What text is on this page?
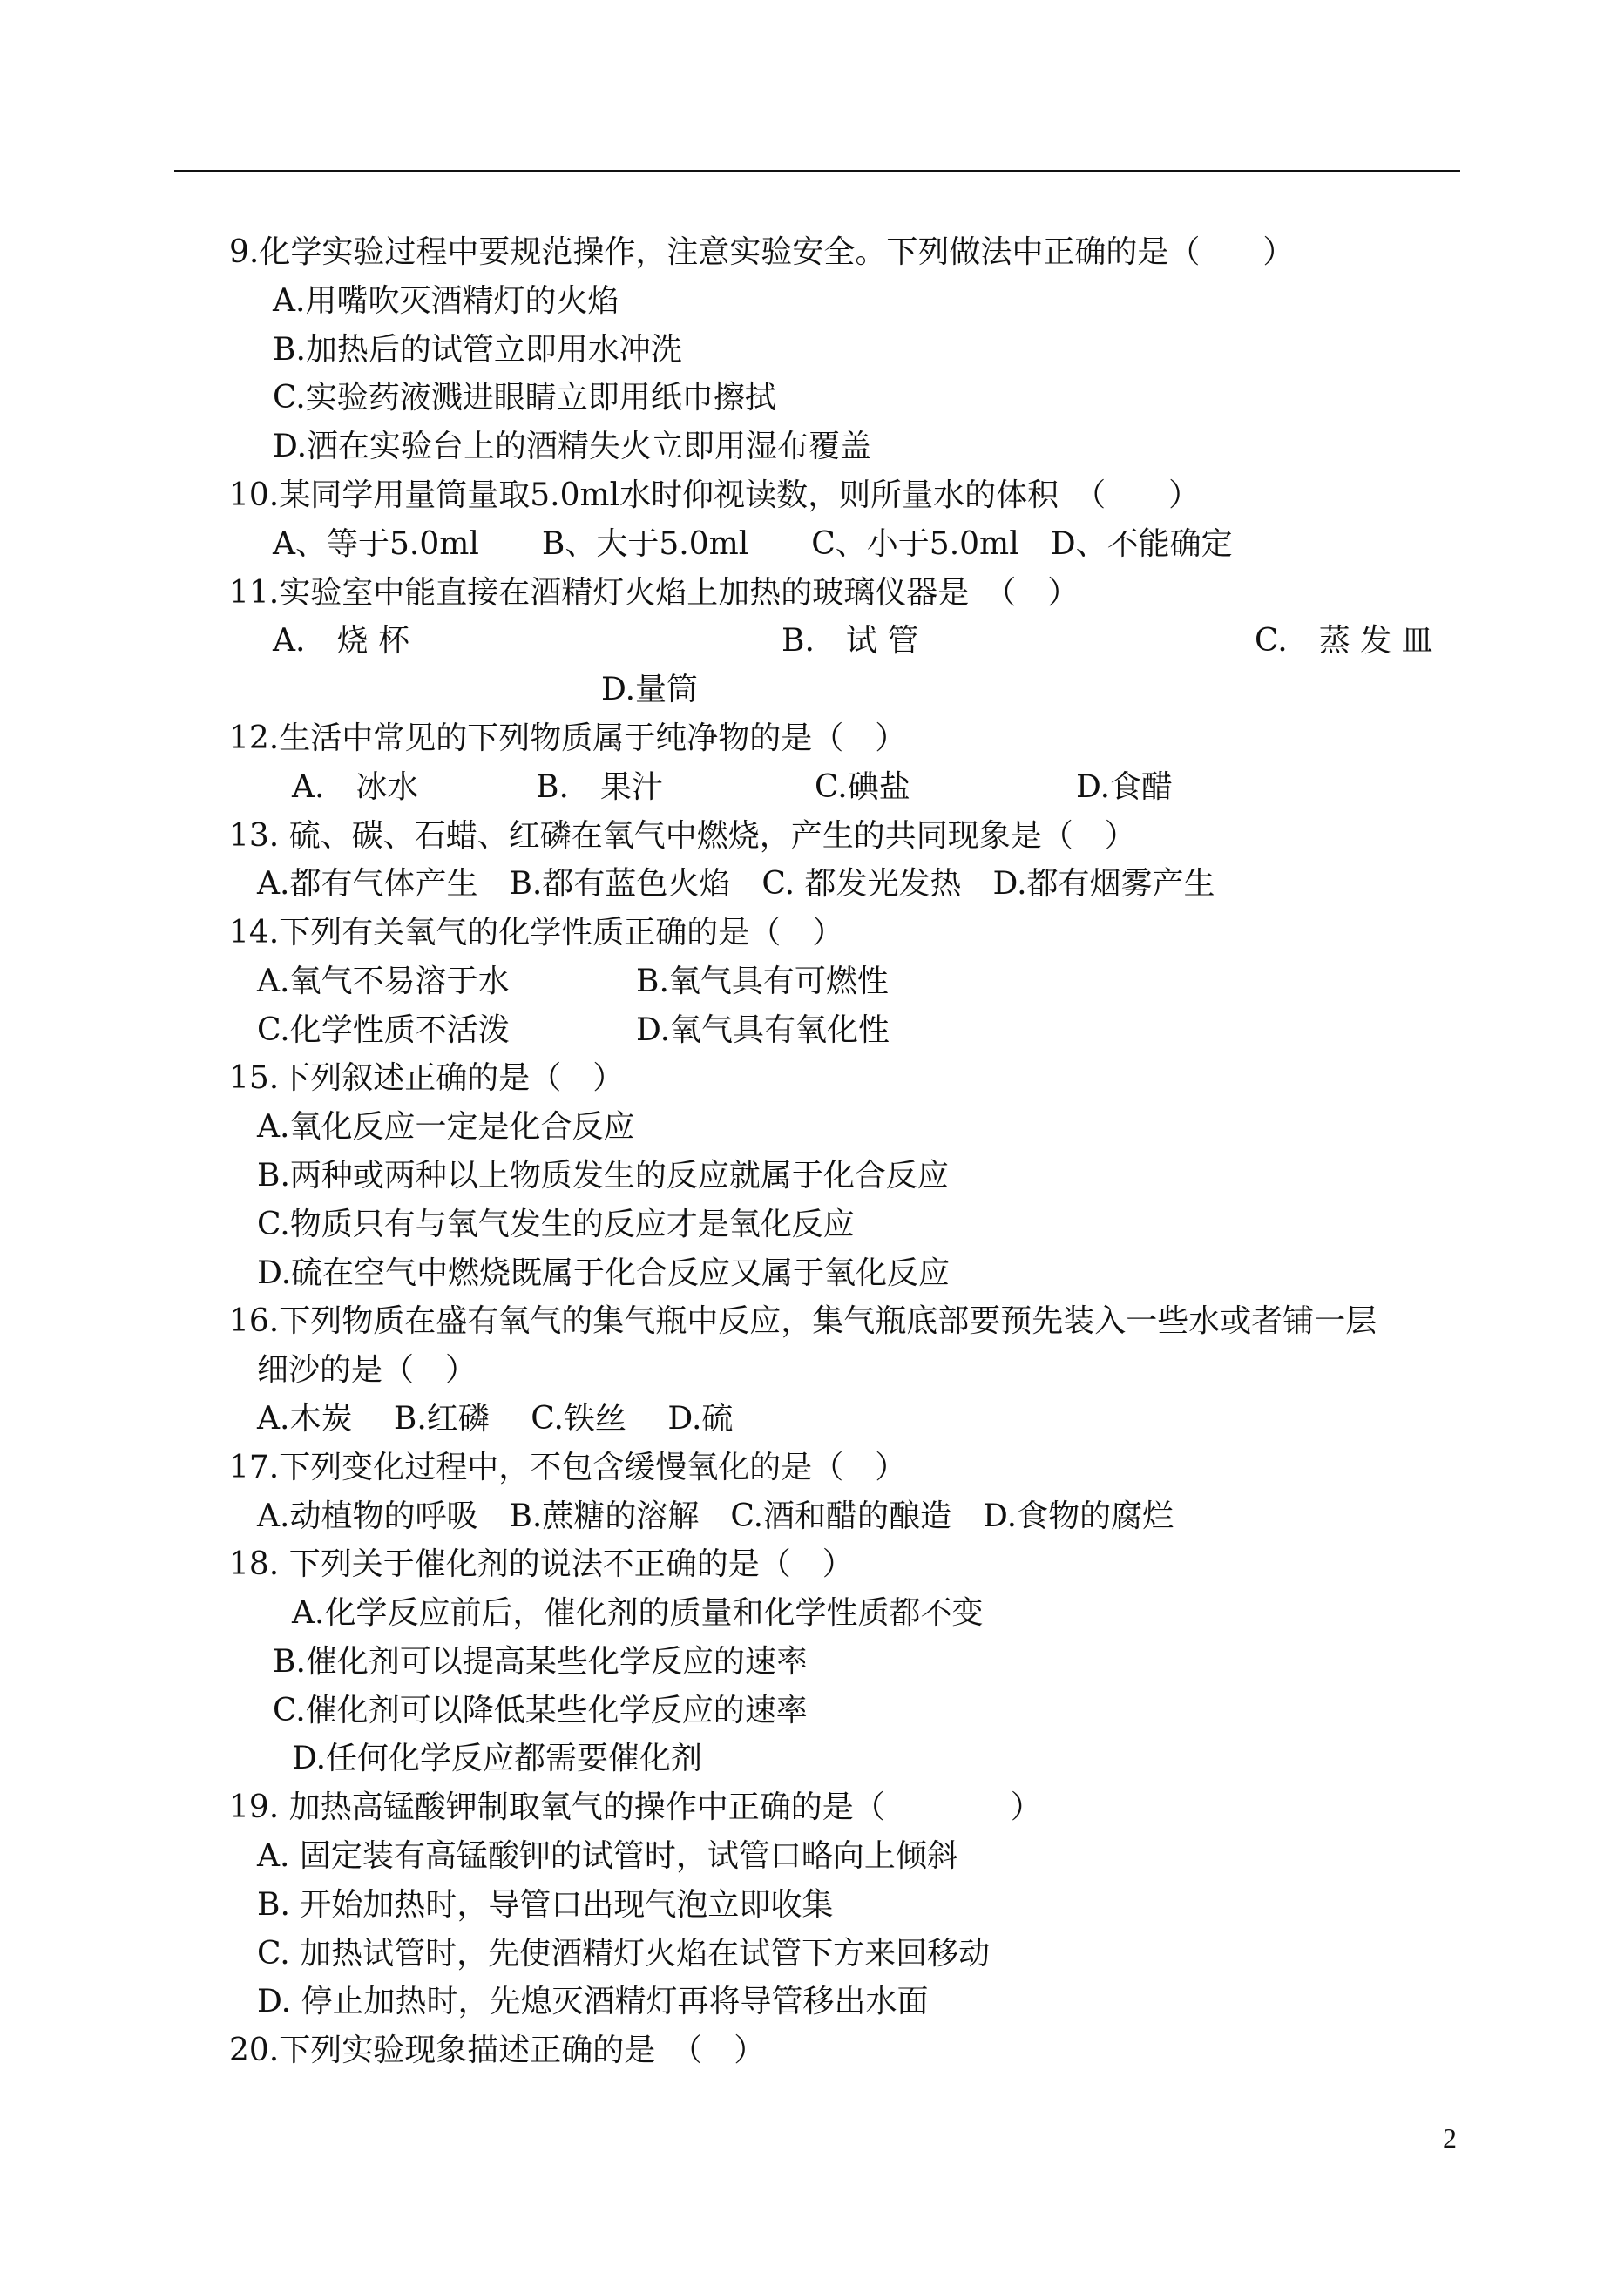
9.化学实验过程中要规范操作，注意实验安全。下列做法中正确的是（　　）
A.用嘴吹灭酒精灯的火焰
B.加热后的试管立即用水冲洗
C.实验药液溅进眼睛立即用纸巾擦拭
D.洒在实验台上的酒精失火立即用湿布覆盖
10.某同学用量筒量取5.0ml水时仰视读数，则所量水的体积　（　　）
A、等于5.0ml　　B、大于5.0ml　　C、小于5.0ml　D、不能确定
11.实验室中能直接在酒精灯火焰上加热的玻璃仪器是　（　）
A.　烧 杯	B.　试 管	C.　蒸 发 皿
D.量筒
12.生活中常见的下列物质属于纯净物的是（　）
A.　冰水	B.　果汁	C.碘盐	D.食醋
13. 硫、碳、石蜡、红磷在氧气中燃烧，产生的共同现象是（　）
A.都有气体产生　B.都有蓝色火焰　C. 都发光发热　D.都有烟雾产生
14.下列有关氧气的化学性质正确的是（　）
A.氧气不易溶于水	B.氧气具有可燃性
C.化学性质不活泼	D.氧气具有氧化性
15.下列叙述正确的是（　）
A.氧化反应一定是化合反应
B.两种或两种以上物质发生的反应就属于化合反应
C.物质只有与氧气发生的反应才是氧化反应
D.硫在空气中燃烧既属于化合反应又属于氧化反应
16.下列物质在盛有氧气的集气瓶中反应，集气瓶底部要预先装入一些水或者铺一层
细沙的是（　）
A.木炭　 B.红磷　 C.铁丝　 D.硫
17.下列变化过程中，不包含缓慢氧化的是（　）
A.动植物的呼吸　B.蔗糖的溶解　C.酒和醋的酿造　D.食物的腐烂
18. 下列关于催化剂的说法不正确的是（　）
A.化学反应前后，催化剂的质量和化学性质都不变
B.催化剂可以提高某些化学反应的速率
C.催化剂可以降低某些化学反应的速率
D.任何化学反应都需要催化剂
19. 加热高锰酸钾制取氧气的操作中正确的是（　　　　）
A. 固定装有高锰酸钾的试管时，试管口略向上倾斜
B. 开始加热时，导管口出现气泡立即收集
C. 加热试管时，先使酒精灯火焰在试管下方来回移动
D. 停止加热时，先熄灭酒精灯再将导管移出水面
20.下列实验现象描述正确的是　（　）
2
